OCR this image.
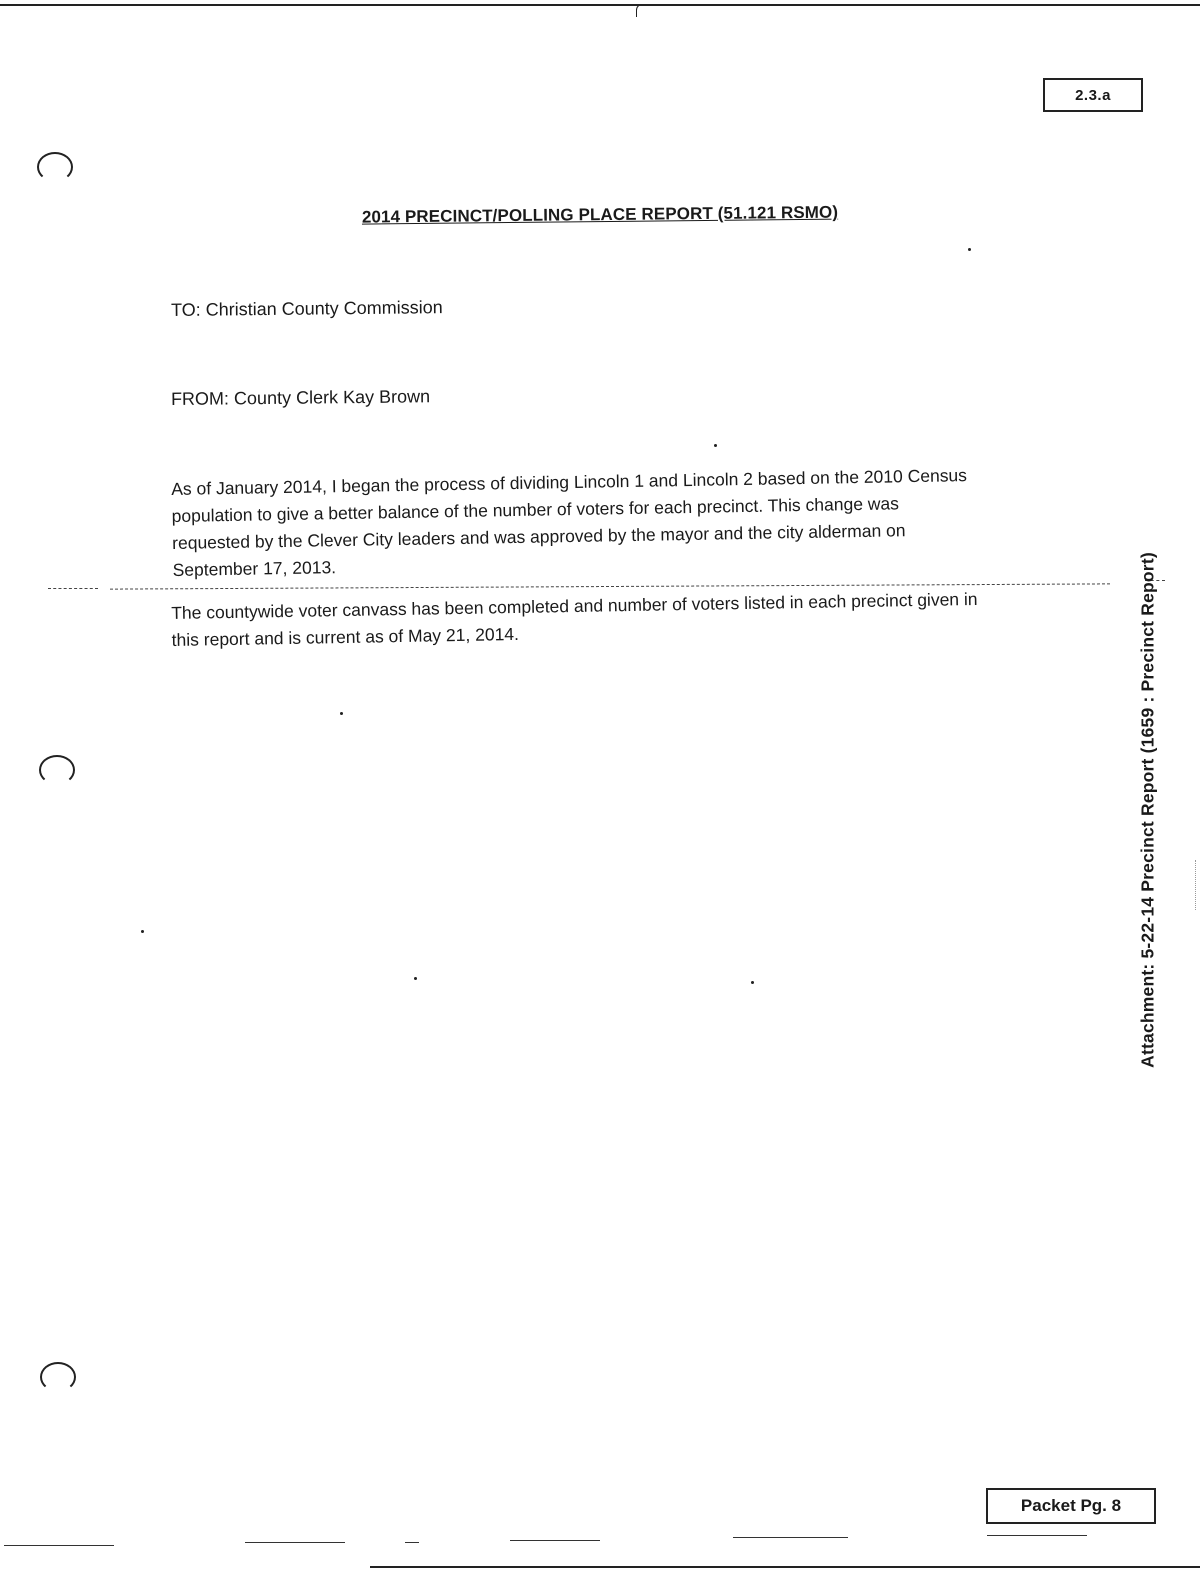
2.3.a
2014 PRECINCT/POLLING PLACE REPORT (51.121 RSMO)
TO: Christian County Commission
FROM: County Clerk Kay Brown

As of January 2014, I began the process of dividing Lincoln 1 and Lincoln 2 based on the 2010 Census

population to give a better balance of the number of voters for each precinct. This change was

requested by the Clever City leaders and was approved by the mayor and the city alderman on

September 17, 2013.

The countywide voter canvass has been completed and number of voters listed in each precinct given in

this report and is current as of May 21, 2014.	Attachment: 5-22-14 Precinct Report (1659 : Precinct Report)
Packet Pg. 8
